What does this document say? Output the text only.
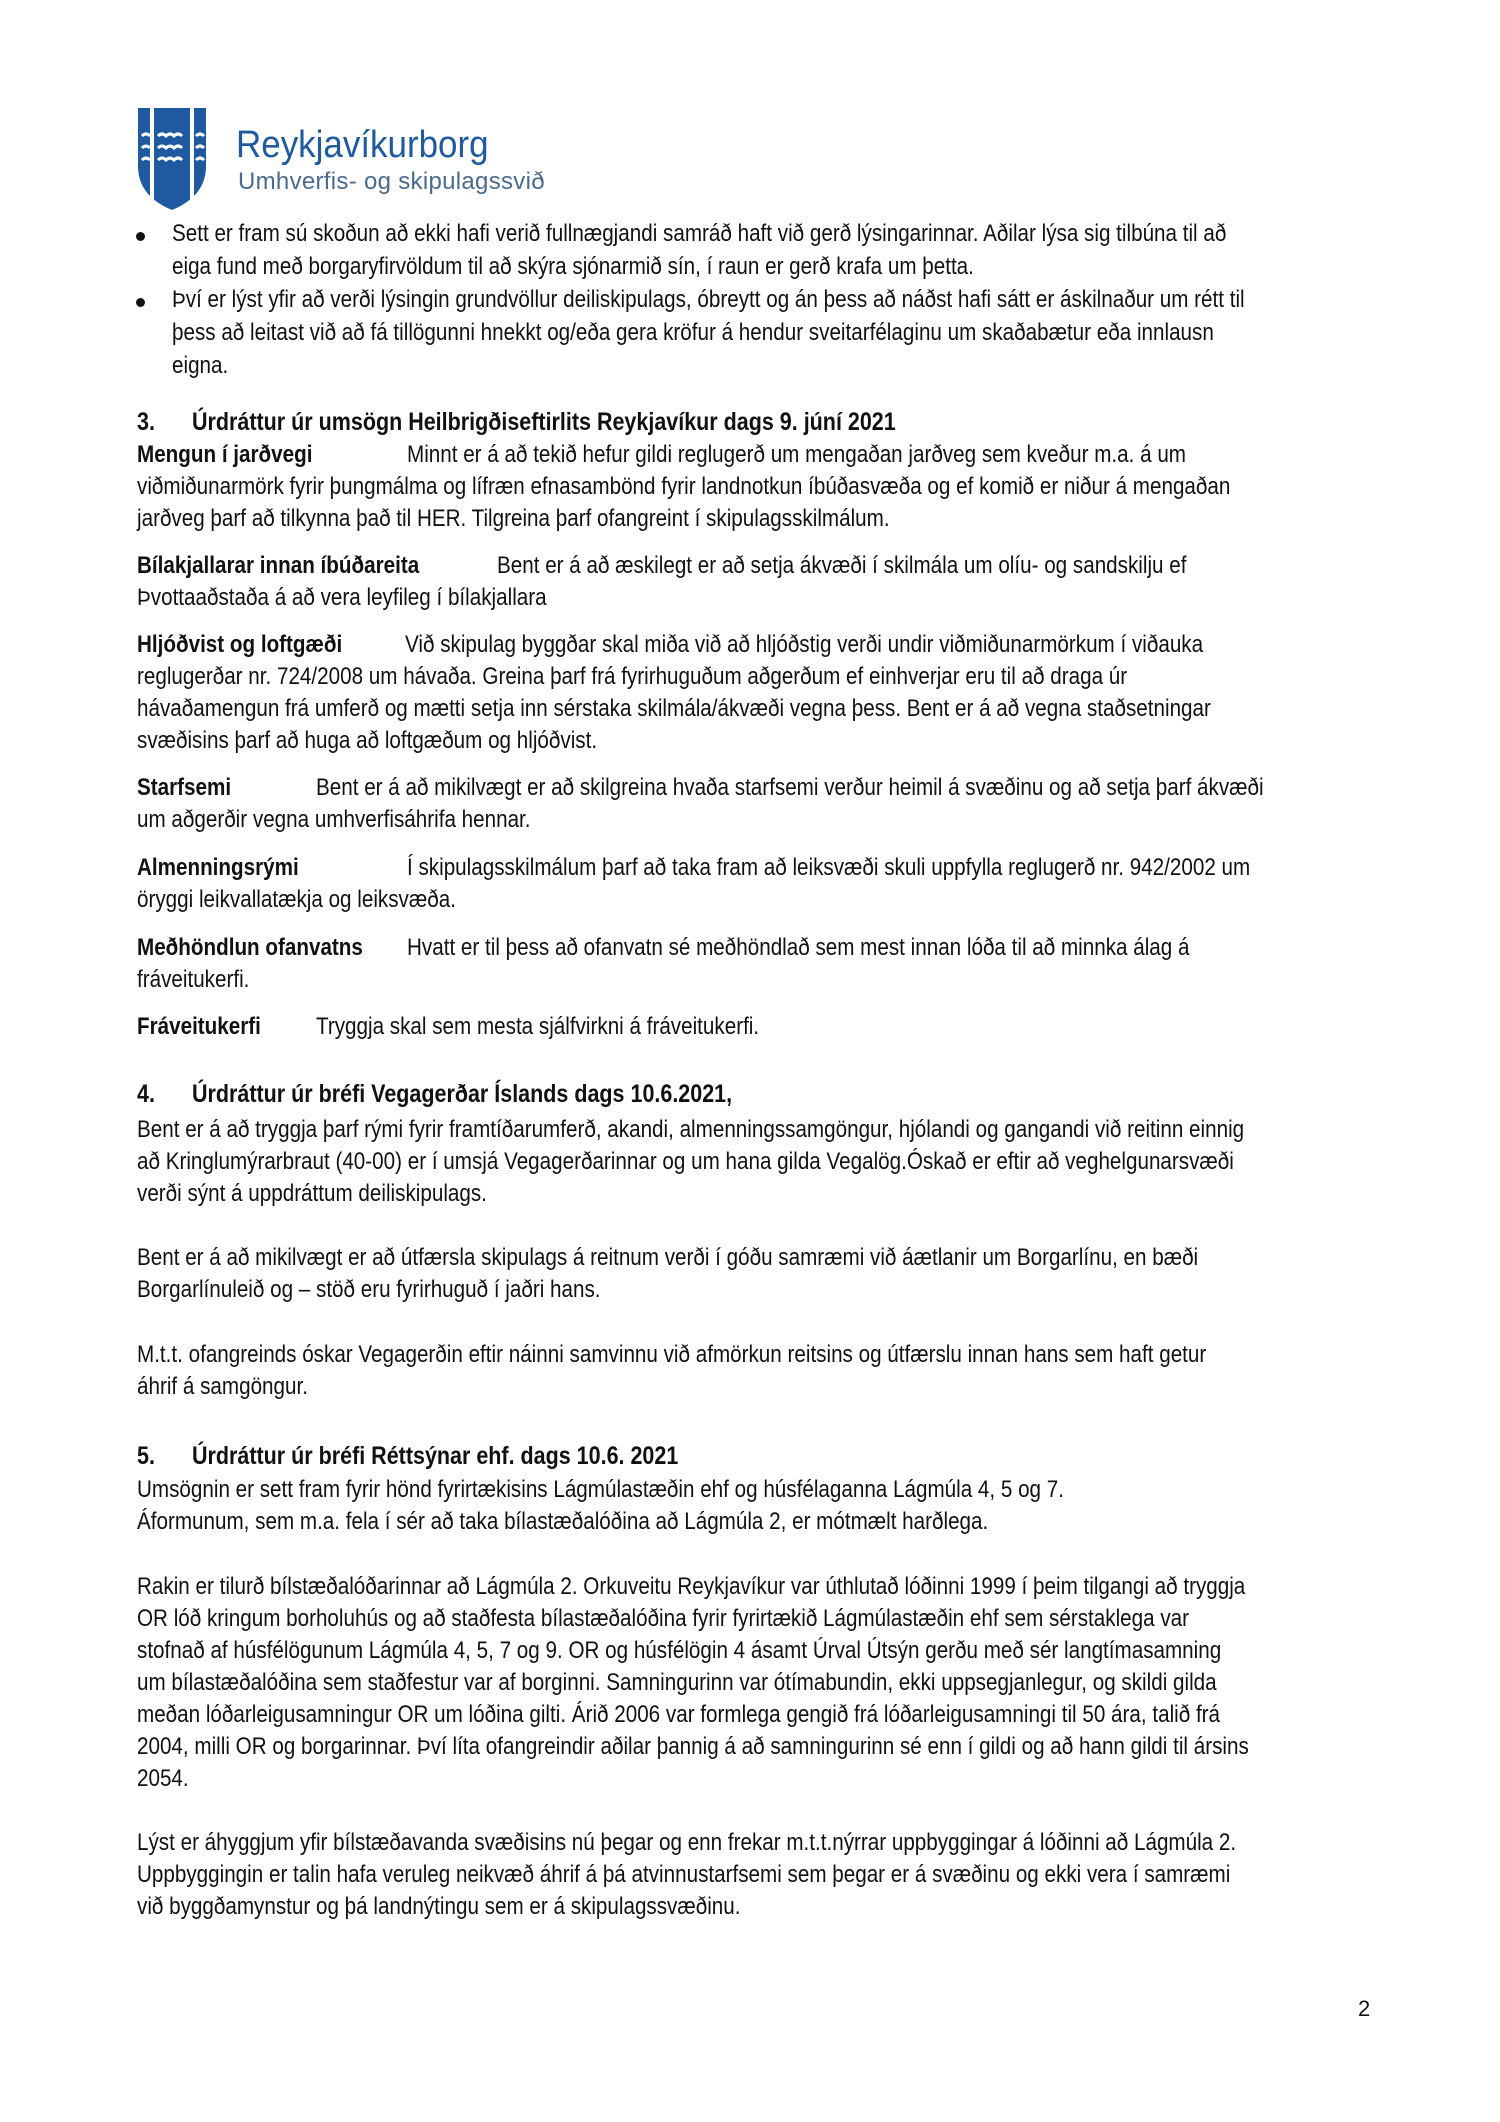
Reykjavíkurborg
Umhverfis- og skipulagssvið
Sett er fram sú skoðun að ekki hafi verið fullnægjandi samráð haft við gerð lýsingarinnar. Aðilar lýsa sig tilbúna til að
eiga fund með borgaryfirvöldum til að skýra sjónarmið sín, í raun er gerð krafa um þetta.
Því er lýst yfir að verði lýsingin grundvöllur deiliskipulags, óbreytt og án þess að náðst hafi sátt er áskilnaður um rétt til
þess að leitast við að fá tillögunni hnekkt og/eða gera kröfur á hendur sveitarfélaginu um skaðabætur eða innlausn
eigna.
3. Úrdráttur úr umsögn Heilbrigðiseftirlits Reykjavíkur dags 9. júní 2021
Mengun í jarðvegi	Minnt er á að tekið hefur gildi reglugerð um mengaðan jarðveg sem kveður m.a. á um
viðmiðunarmörk fyrir þungmálma og lífræn efnasambönd fyrir landnotkun íbúðasvæða og ef komið er niður á mengaðan
jarðveg þarf að tilkynna það til HER. Tilgreina þarf ofangreint í skipulagsskilmálum.
Bílakjallarar innan íbúðareita	Bent er á að æskilegt er að setja ákvæði í skilmála um olíu- og sandskilju ef
Þvottaaðstaða á að vera leyfileg í bílakjallara
Hljóðvist og loftgæði	Við skipulag byggðar skal miða við að hljóðstig verði undir viðmiðunarmörkum í viðauka
reglugerðar nr. 724/2008 um hávaða. Greina þarf frá fyrirhuguðum aðgerðum ef einhverjar eru til að draga úr
hávaðamengun frá umferð og mætti setja inn sérstaka skilmála/ákvæði vegna þess. Bent er á að vegna staðsetningar
svæðisins þarf að huga að loftgæðum og hljóðvist.
Starfsemi	Bent er á að mikilvægt er að skilgreina hvaða starfsemi verður heimil á svæðinu og að setja þarf ákvæði
um aðgerðir vegna umhverfisáhrifa hennar.
Almenningsrými	Í skipulagsskilmálum þarf að taka fram að leiksvæði skuli uppfylla reglugerð nr. 942/2002 um
öryggi leikvallatækja og leiksvæða.
Meðhöndlun ofanvatns Hvatt er til þess að ofanvatn sé meðhöndlað sem mest innan lóða til að minnka álag á
fráveitukerfi.
Fráveitukerfi Tryggja skal sem mesta sjálfvirkni á fráveitukerfi.
4. Úrdráttur úr bréfi Vegagerðar Íslands dags 10.6.2021,
Bent er á að tryggja þarf rými fyrir framtíðarumferð, akandi, almenningssamgöngur, hjólandi og gangandi við reitinn einnig
að Kringlumýrarbraut (40-00) er í umsjá Vegagerðarinnar og um hana gilda Vegalög.Óskað er eftir að veghelgunarsvæði
verði sýnt á uppdráttum deiliskipulags.
Bent er á að mikilvægt er að útfærsla skipulags á reitnum verði í góðu samræmi við áætlanir um Borgarlínu, en bæði
Borgarlínuleið og – stöð eru fyrirhuguð í jaðri hans.
M.t.t. ofangreinds óskar Vegagerðin eftir náinni samvinnu við afmörkun reitsins og útfærslu innan hans sem haft getur
áhrif á samgöngur.
5. Úrdráttur úr bréfi Réttsýnar ehf. dags 10.6. 2021
Umsögnin er sett fram fyrir hönd fyrirtækisins Lágmúlastæðin ehf og húsfélaganna Lágmúla 4, 5 og 7.
Áformunum, sem m.a. fela í sér að taka bílastæðalóðina að Lágmúla 2, er mótmælt harðlega.
Rakin er tilurð bílstæðalóðarinnar að Lágmúla 2. Orkuveitu Reykjavíkur var úthlutað lóðinni 1999 í þeim tilgangi að tryggja
OR lóð kringum borholuhús og að staðfesta bílastæðalóðina fyrir fyrirtækið Lágmúlastæðin ehf sem sérstaklega var
stofnað af húsfélögunum Lágmúla 4, 5, 7 og 9. OR og húsfélögin 4 ásamt Úrval Útsýn gerðu með sér langtímasamning
um bílastæðalóðina sem staðfestur var af borginni. Samningurinn var ótímabundin, ekki uppsegjanlegur, og skildi gilda
meðan lóðarleigusamningur OR um lóðina gilti. Árið 2006 var formlega gengið frá lóðarleigusamningi til 50 ára, talið frá
2004, milli OR og borgarinnar. Því líta ofangreindir aðilar þannig á að samningurinn sé enn í gildi og að hann gildi til ársins
2054.
Lýst er áhyggjum yfir bílstæðavanda svæðisins nú þegar og enn frekar m.t.t.nýrrar uppbyggingar á lóðinni að Lágmúla 2.
Uppbyggingin er talin hafa veruleg neikvæð áhrif á þá atvinnustarfsemi sem þegar er á svæðinu og ekki vera í samræmi
við byggðamynstur og þá landnýtingu sem er á skipulagssvæðinu.
2
